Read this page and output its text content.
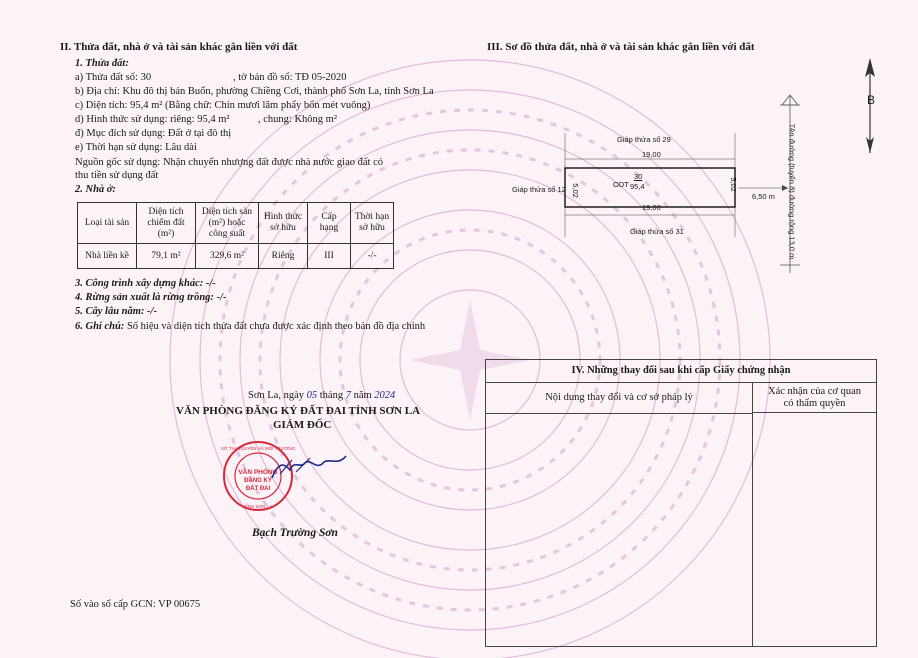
II. Thửa đất, nhà ở và tài sản khác gắn liền với đất
1. Thửa đất:
a) Thửa đất số: 30	, tờ bản đồ số: TĐ 05-2020
b) Địa chỉ: Khu đô thị bản Buổn, phường Chiềng Cơi, thành phố Sơn La, tỉnh Sơn La
c) Diện tích: 95,4 m² (Bằng chữ: Chín mươi lăm phẩy bốn mét vuông)
d) Hình thức sử dụng: riêng: 95,4 m²	, chung: Không m²
đ) Mục đích sử dụng: Đất ở tại đô thị
e) Thời hạn sử dụng: Lâu dài
Nguồn gốc sử dụng: Nhận chuyển nhượng đất được nhà nước giao đất có
thu tiền sử dụng đất
2. Nhà ở:
Loại tài sản	Diện tích chiếm đất (m²)	Diện tích sàn (m²) hoặc công suất	Hình thức sở hữu	Cấp hạng	Thời hạn sở hữu
Nhà liền kề	79,1 m²	329,6 m²	Riêng	III	-/-
3. Công trình xây dựng khác: -/-
4. Rừng sản xuất là rừng trồng: -/-
5. Cây lâu năm: -/-
6. Ghi chú: Số hiệu và diện tích thửa đất chưa được xác định theo bản đồ địa chính
Sơn La, ngày 05 tháng 7 năm 2024
VĂN PHÒNG ĐĂNG KÝ ĐẤT ĐAI TỈNH SƠN LA
GIÁM ĐỐC
VĂN PHÒNG
ĐĂNG KÝ
ĐẤT ĐAI
SỞ TÀI NGUYÊN VÀ MÔI TRƯỜNG
TỈNH SƠN LA
Bạch Trường Sơn
Số vào sổ cấp GCN: VP 00675
III. Sơ đồ thửa đất, nhà ở và tài sản khác gắn liền với đất
B
Giáp thửa số 29
19,00
Giáp thửa số 12 5,02	5,02
ODT
30
95,4
19,00
6,50 m
Giáp thửa số 31	Tên đường (tuyến 8) đường rộng 13,0 m
IV. Những thay đổi sau khi cấp Giấy chứng nhận
Nội dung thay đổi và cơ sở pháp lý
Xác nhận của cơ quan
có thẩm quyền
